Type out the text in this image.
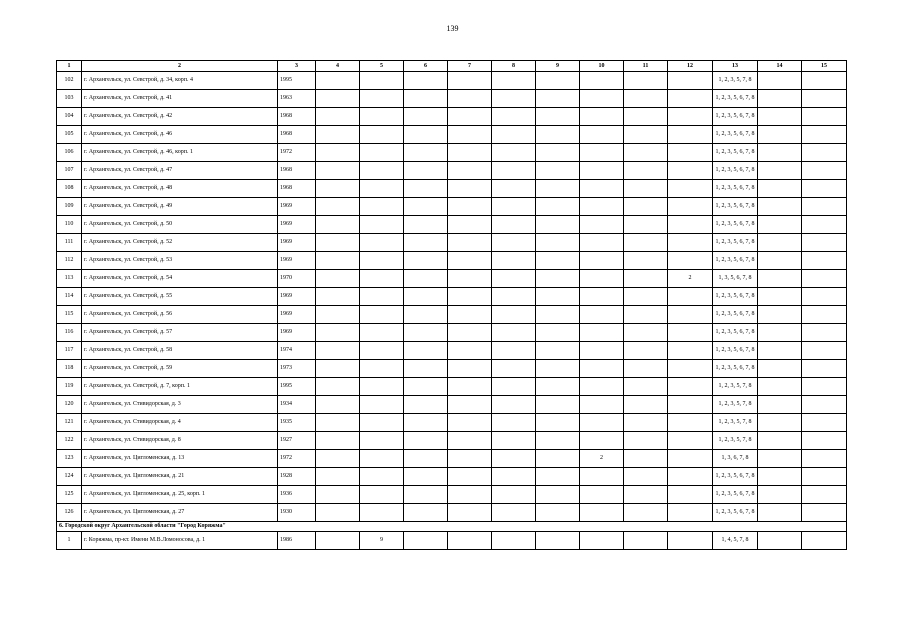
139
1	2	3	4	5	6	7	8	9	10	11	12	13	14	15
102	г. Архангельск, ул. Севстрой, д. 34, корп. 4	1995										1, 2, 3, 5, 7, 8		
103	г. Архангельск, ул. Севстрой, д. 41	1963										1, 2, 3, 5, 6, 7, 8		
104	г. Архангельск, ул. Севстрой, д. 42	1968										1, 2, 3, 5, 6, 7, 8		
105	г. Архангельск, ул. Севстрой, д. 46	1968										1, 2, 3, 5, 6, 7, 8		
106	г. Архангельск, ул. Севстрой, д. 46, корп. 1	1972										1, 2, 3, 5, 6, 7, 8		
107	г. Архангельск, ул. Севстрой, д. 47	1968										1, 2, 3, 5, 6, 7, 8		
108	г. Архангельск, ул. Севстрой, д. 48	1968										1, 2, 3, 5, 6, 7, 8		
109	г. Архангельск, ул. Севстрой, д. 49	1969										1, 2, 3, 5, 6, 7, 8		
110	г. Архангельск, ул. Севстрой, д. 50	1969										1, 2, 3, 5, 6, 7, 8		
111	г. Архангельск, ул. Севстрой, д. 52	1969										1, 2, 3, 5, 6, 7, 8		
112	г. Архангельск, ул. Севстрой, д. 53	1969										1, 2, 3, 5, 6, 7, 8		
113	г. Архангельск, ул. Севстрой, д. 54	1970									2	1, 3, 5, 6, 7, 8		
114	г. Архангельск, ул. Севстрой, д. 55	1969										1, 2, 3, 5, 6, 7, 8		
115	г. Архангельск, ул. Севстрой, д. 56	1969										1, 2, 3, 5, 6, 7, 8		
116	г. Архангельск, ул. Севстрой, д. 57	1969										1, 2, 3, 5, 6, 7, 8		
117	г. Архангельск, ул. Севстрой, д. 58	1974										1, 2, 3, 5, 6, 7, 8		
118	г. Архангельск, ул. Севстрой, д. 59	1973										1, 2, 3, 5, 6, 7, 8		
119	г. Архангельск, ул. Севстрой, д. 7, корп. 1	1995										1, 2, 3, 5, 7, 8		
120	г. Архангельск, ул. Стивидорская, д. 3	1934										1, 2, 3, 5, 7, 8		
121	г. Архангельск, ул. Стивидорская, д. 4	1935										1, 2, 3, 5, 7, 8		
122	г. Архангельск, ул. Стивидорская, д. 8	1927										1, 2, 3, 5, 7, 8		
123	г. Архангельск, ул. Цигломенская, д. 13	1972							2			1, 3, 6, 7, 8		
124	г. Архангельск, ул. Цигломенская, д. 21	1928										1, 2, 3, 5, 6, 7, 8		
125	г. Архангельск, ул. Цигломенская, д. 25, корп. 1	1936										1, 2, 3, 5, 6, 7, 8		
126	г. Архангельск, ул. Цигломенская, д. 27	1930										1, 2, 3, 5, 6, 7, 8		
6. Городской округ Архангельской области "Город Коряжма"														
1	г. Коряжма, пр-кт. Имени М.В.Ломоносова, д. 1	1986		9								1, 4, 5, 7, 8		
